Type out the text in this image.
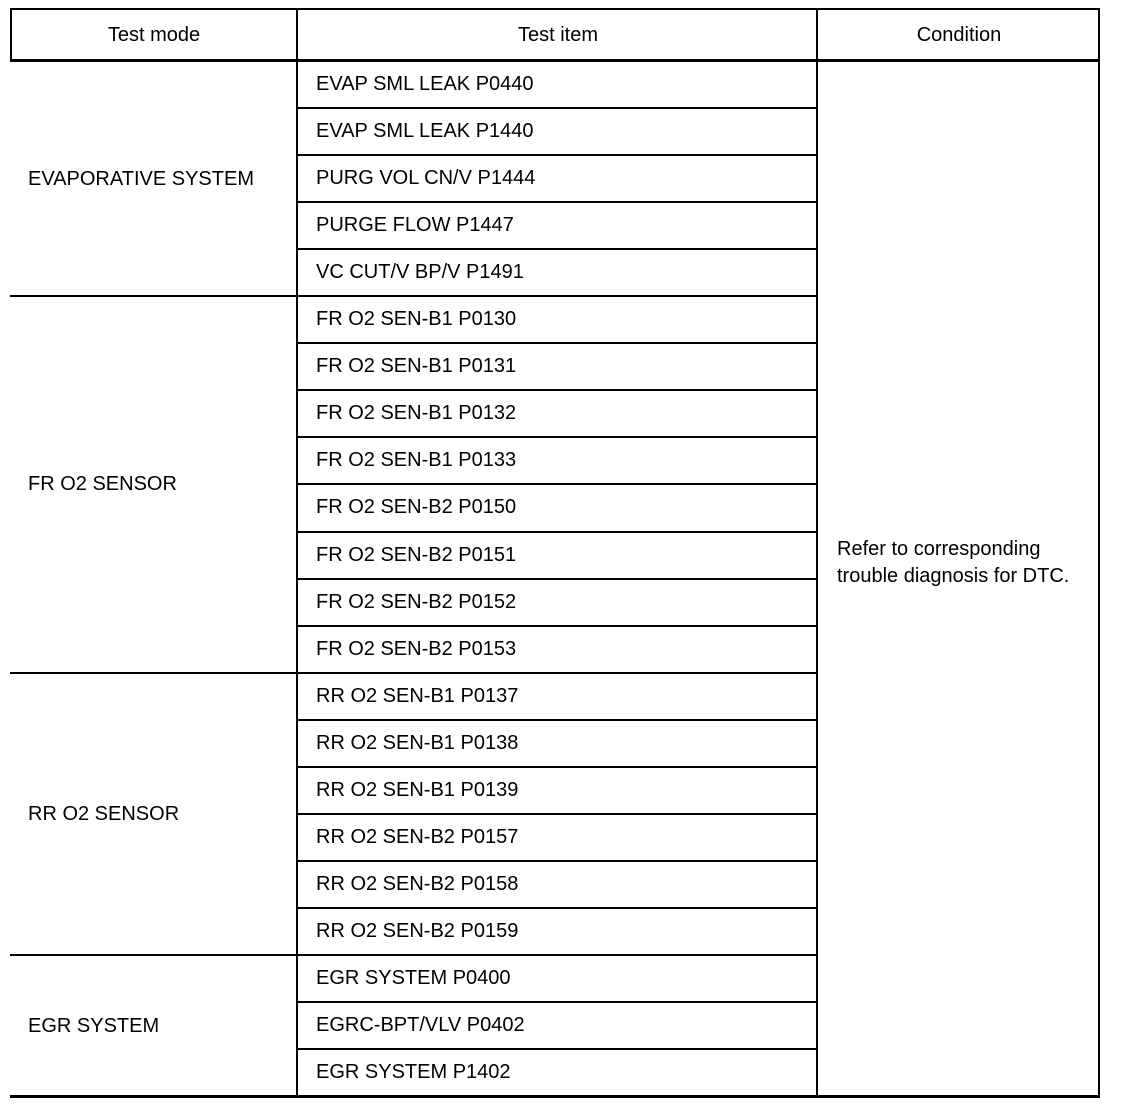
Test mode	Test item	Condition
EVAP SML LEAK P0440
EVAP SML LEAK P1440
PURG VOL CN/V P1444
PURGE FLOW P1447
VC CUT/V BP/V P1491
EVAPORATIVE SYSTEM
FR O2 SEN-B1 P0130
FR O2 SEN-B1 P0131
FR O2 SEN-B1 P0132
FR O2 SEN-B1 P0133
FR O2 SEN-B2 P0150
FR O2 SEN-B2 P0151
FR O2 SEN-B2 P0152
FR O2 SEN-B2 P0153
FR O2 SENSOR
RR O2 SEN-B1 P0137
RR O2 SEN-B1 P0138
RR O2 SEN-B1 P0139
RR O2 SEN-B2 P0157
RR O2 SEN-B2 P0158
RR O2 SEN-B2 P0159
RR O2 SENSOR
EGR SYSTEM P0400
EGRC-BPT/VLV P0402
EGR SYSTEM P1402
EGR SYSTEM
Refer to corresponding trouble diagnosis for DTC.
